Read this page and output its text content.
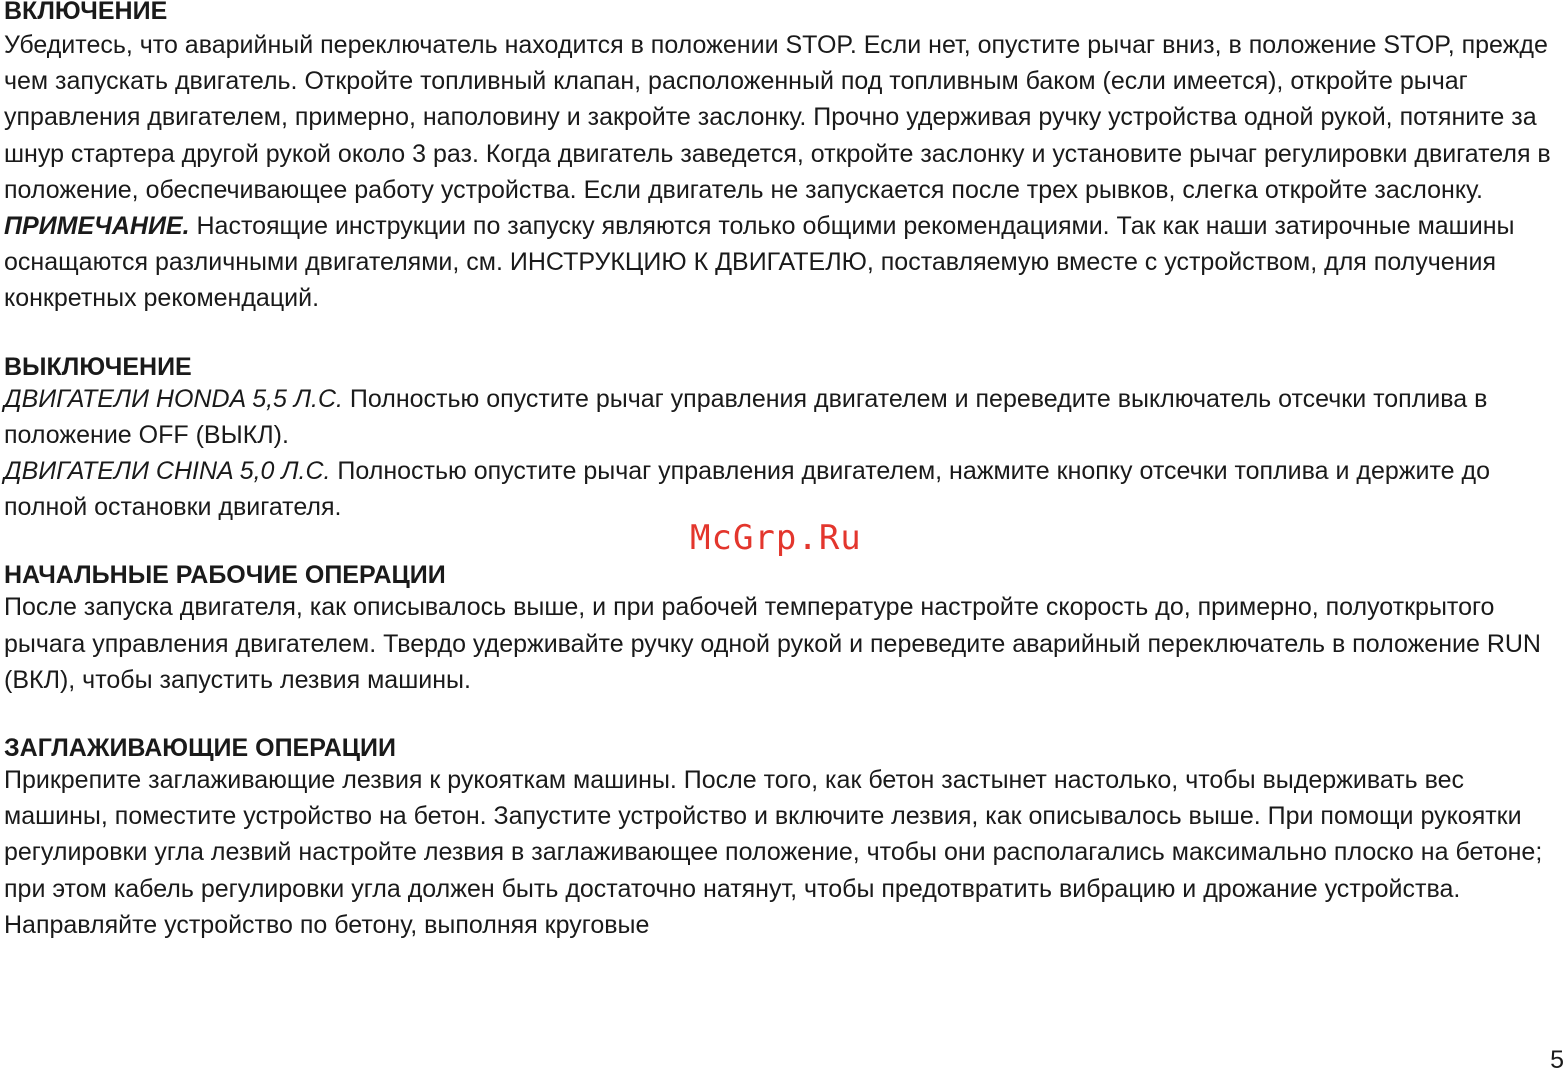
ВКЛЮЧЕНИЕ

Убедитесь, что аварийный переключатель находится в положении STOP. Если нет, опустите рычаг вниз, в положение STOP, прежде чем запускать двигатель. Откройте топливный клапан, расположенный под топливным баком (если имеется), откройте рычаг управления двигателем, примерно, наполовину и закройте заслонку. Прочно удерживая ручку устройства одной рукой, потяните за шнур стартера другой рукой около 3 раз. Когда двигатель заведется, откройте заслонку и установите рычаг регулировки двигателя в положение, обеспечивающее работу устройства. Если двигатель не запускается после трех рывков, слегка откройте заслонку.

ПРИМЕЧАНИЕ. Настоящие инструкции по запуску являются только общими рекомендациями. Так как наши затирочные машины оснащаются различными двигателями, см. ИНСТРУКЦИЮ К ДВИГАТЕЛЮ, поставляемую вместе с устройством, для получения конкретных рекомендаций.

ВЫКЛЮЧЕНИЕ

ДВИГАТЕЛИ HONDA 5,5 Л.С. Полностью опустите рычаг управления двигателем и переведите выключатель отсечки топлива в положение OFF (ВЫКЛ).

ДВИГАТЕЛИ CHINA 5,0 Л.С. Полностью опустите рычаг управления двигателем, нажмите кнопку отсечки топлива и держите до полной остановки двигателя.

НАЧАЛЬНЫЕ РАБОЧИЕ ОПЕРАЦИИ

После запуска двигателя, как описывалось выше, и при рабочей температуре настройте скорость до, примерно, полуоткрытого рычага управления двигателем. Твердо удерживайте ручку одной рукой и переведите аварийный переключатель в положение RUN (ВКЛ), чтобы запустить лезвия машины.

ЗАГЛАЖИВАЮЩИЕ ОПЕРАЦИИ

Прикрепите заглаживающие лезвия к рукояткам машины. После того, как бетон застынет настолько, чтобы выдерживать вес машины, поместите устройство на бетон. Запустите устройство и включите лезвия, как описывалось выше. При помощи рукоятки регулировки угла лезвий настройте лезвия в заглаживающее положение, чтобы они располагались максимально плоско на бетоне; при этом кабель регулировки угла должен быть достаточно натянут, чтобы предотвратить вибрацию и дрожание устройства. Направляйте устройство по бетону, выполняя круговые

McGrp.Ru
5
